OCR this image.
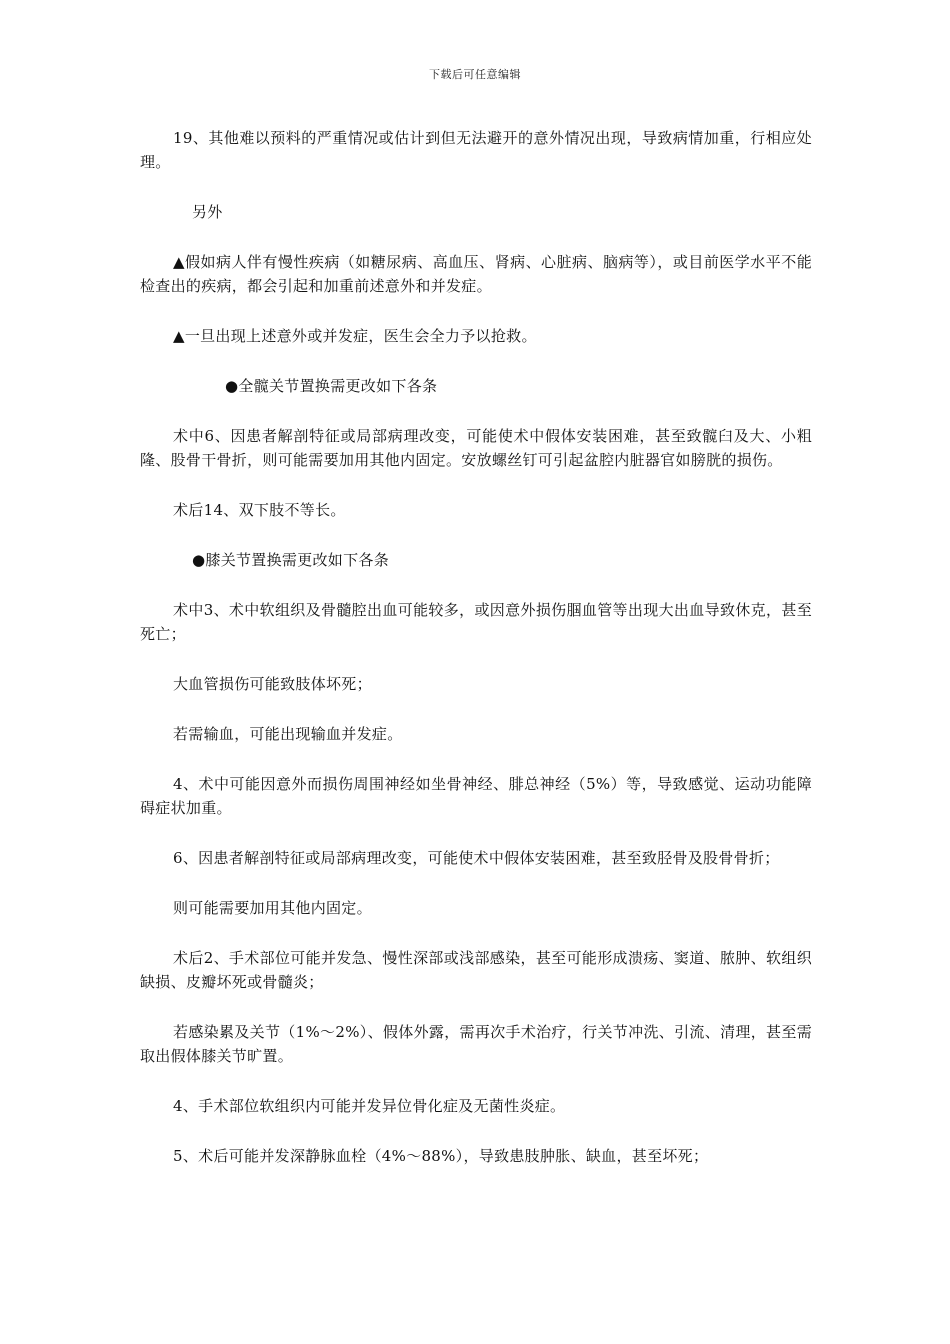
下载后可任意编辑

19、其他难以预料的严重情况或估计到但无法避开的意外情况出现，导致病情加重，行相应处理。

另外

▲假如病人伴有慢性疾病（如糖尿病、高血压、肾病、心脏病、脑病等），或目前医学水平不能检查出的疾病，都会引起和加重前述意外和并发症。

▲一旦出现上述意外或并发症，医生会全力予以抢救。

●全髋关节置换需更改如下各条

术中6、因患者解剖特征或局部病理改变，可能使术中假体安装困难，甚至致髋臼及大、小粗隆、股骨干骨折，则可能需要加用其他内固定。安放螺丝钉可引起盆腔内脏器官如膀胱的损伤。

术后14、双下肢不等长。

●膝关节置换需更改如下各条

术中3、术中软组织及骨髓腔出血可能较多，或因意外损伤腘血管等出现大出血导致休克，甚至死亡；

大血管损伤可能致肢体坏死；

若需输血，可能出现输血并发症。

4、术中可能因意外而损伤周围神经如坐骨神经、腓总神经（5%）等，导致感觉、运动功能障碍症状加重。

6、因患者解剖特征或局部病理改变，可能使术中假体安装困难，甚至致胫骨及股骨骨折；

则可能需要加用其他内固定。

术后2、手术部位可能并发急、慢性深部或浅部感染，甚至可能形成溃疡、窦道、脓肿、软组织缺损、皮瓣坏死或骨髓炎；

若感染累及关节（1%～2%）、假体外露，需再次手术治疗，行关节冲洗、引流、清理，甚至需取出假体膝关节旷置。

4、手术部位软组织内可能并发异位骨化症及无菌性炎症。

5、术后可能并发深静脉血栓（4%～88%），导致患肢肿胀、缺血，甚至坏死；
